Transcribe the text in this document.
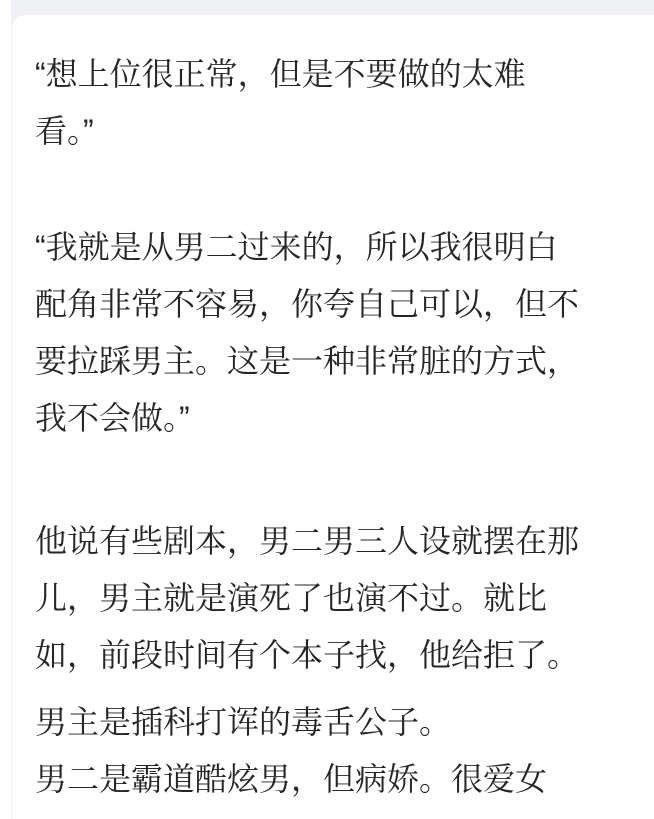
“想上位很正常，但是不要做的太难
看。”
“我就是从男二过来的，所以我很明白
配角非常不容易，你夸自己可以，但不
要拉踩男主。这是一种非常脏的方式，
我不会做。”
他说有些剧本，男二男三人设就摆在那
儿，男主就是演死了也演不过。就比
如，前段时间有个本子找，他给拒了。
男主是插科打诨的毒舌公子。
男二是霸道酷炫男，但病娇。很爱女
